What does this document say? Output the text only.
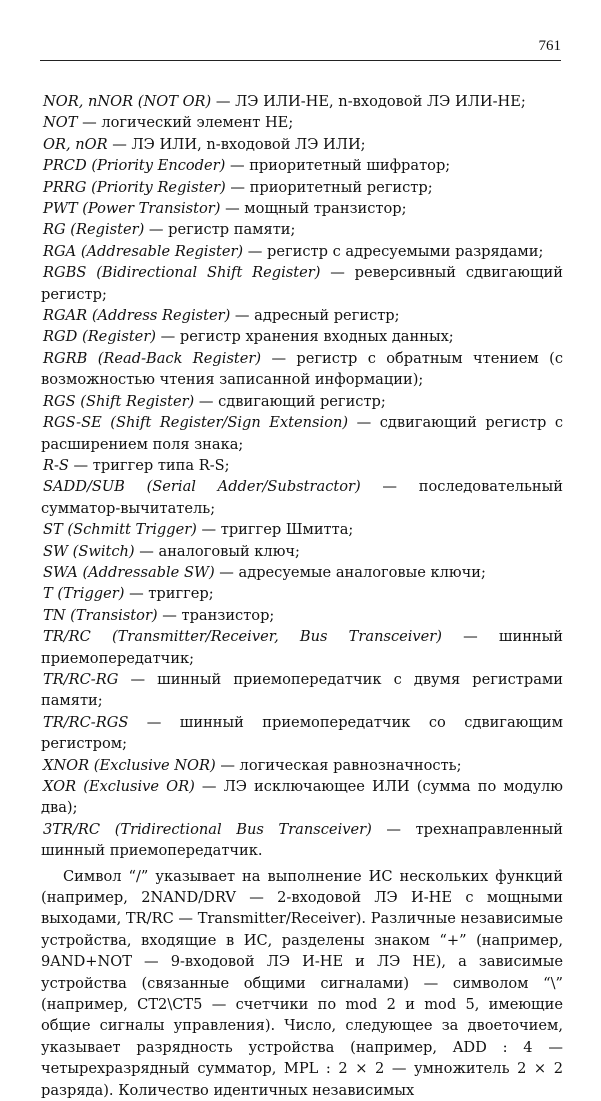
761
NOR, nNOR (NOT OR) — ЛЭ ИЛИ-НЕ, n-входовой ЛЭ ИЛИ-НЕ;
NOT — логический элемент НЕ;
OR, nOR — ЛЭ ИЛИ, n-входовой ЛЭ ИЛИ;
PRCD (Priority Encoder) — приоритетный шифратор;
PRRG (Priority Register) — приоритетный регистр;
PWT (Power Transistor) — мощный транзистор;
RG (Register) — регистр памяти;
RGA (Addresable Register) — регистр с адресуемыми разрядами;
RGBS (Bidirectional Shift Register) — реверсивный сдвигающий регистр;
RGAR (Address Register) — адресный регистр;
RGD (Register) — регистр хранения входных данных;
RGRB (Read-Back Register) — регистр с обратным чтением (с возможностью чтения записанной информации);
RGS (Shift Register) — сдвигающий регистр;
RGS-SE (Shift Register/Sign Extension) — сдвигающий регистр с расширением поля знака;
R-S — триггер типа R-S;
SADD/SUB (Serial Adder/Substractor) — последовательный сумматор-вычитатель;
ST (Schmitt Trigger) — триггер Шмитта;
SW (Switch) — аналоговый ключ;
SWA (Addressable SW) — адресуемые аналоговые ключи;
T (Trigger) — триггер;
TN (Transistor) — транзистор;
TR/RC (Transmitter/Receiver, Bus Transceiver) — шинный приемопередатчик;
TR/RC-RG — шинный приемопередатчик с двумя регистрами памяти;
TR/RC-RGS — шинный приемопередатчик со сдвигающим регистром;
XNOR (Exclusive NOR) — логическая равнозначность;
XOR (Exclusive OR) — ЛЭ исключающее ИЛИ (сумма по модулю два);
3TR/RC (Tridirectional Bus Transceiver) — трехнаправленный шинный приемопередатчик.
Символ “/” указывает на выполнение ИС нескольких функций (например, 2NAND/DRV — 2-входовой ЛЭ И-НЕ с мощными выходами, TR/RC — Transmitter/Receiver). Различные независимые устройства, входящие в ИС, разделены знаком “+” (например, 9AND+NOT — 9-входовой ЛЭ И-НЕ и ЛЭ НЕ), а зависимые устройства (связанные общими сигналами) — символом “\” (например, CT2\CT5 — счетчики по mod 2 и mod 5, имеющие общие сигналы управления). Число, следующее за двоеточием, указывает разрядность устройства (например, ADD : 4 — четырехразрядный сумматор, MPL : 2 × 2 — умножитель 2 × 2 разряда). Количество идентичных независимых
